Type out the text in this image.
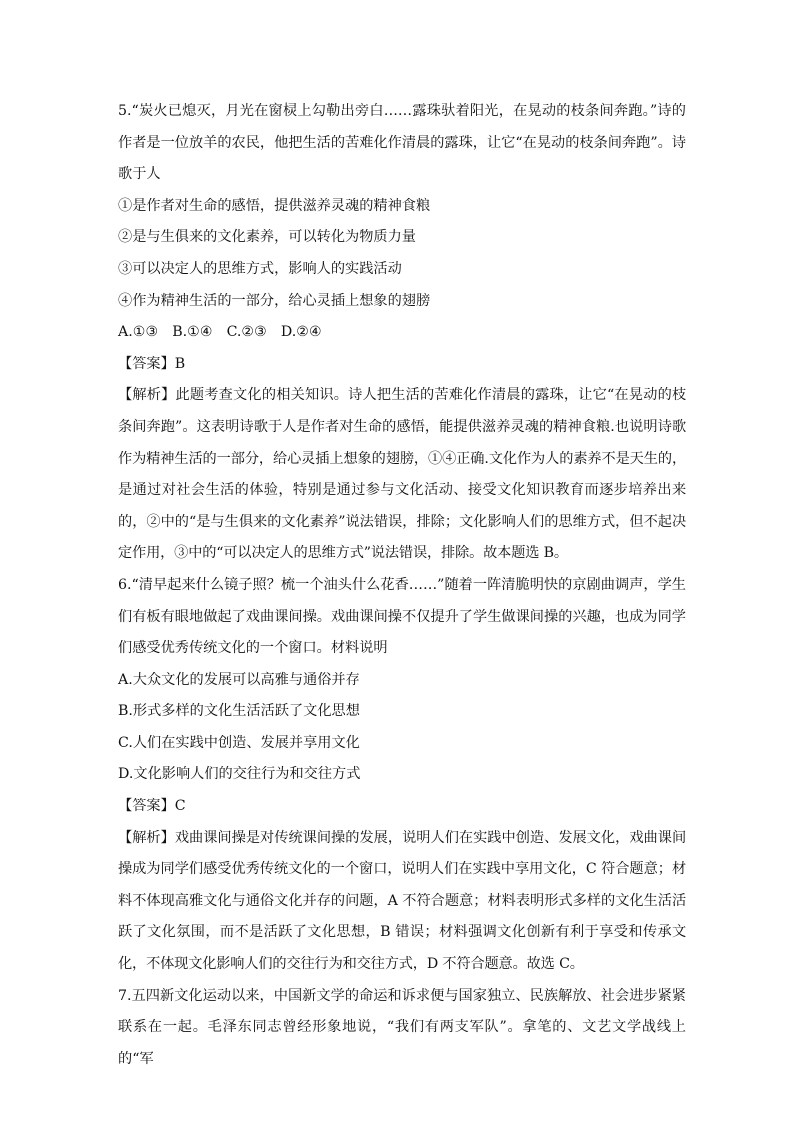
5.“炭火已熄灭，月光在窗棂上勾勒出旁白……露珠驮着阳光，在晃动的枝条间奔跑。”诗的作者是一位放羊的农民，他把生活的苦难化作清晨的露珠，让它“在晃动的枝条间奔跑”。诗歌于人

①是作者对生命的感悟，提供滋养灵魂的精神食粮

②是与生俱来的文化素养，可以转化为物质力量

③可以决定人的思维方式，影响人的实践活动

④作为精神生活的一部分，给心灵插上想象的翅膀

A.①③ B.①④ C.②③ D.②④

【答案】B

【解析】此题考查文化的相关知识。诗人把生活的苦难化作清晨的露珠，让它“在晃动的枝条间奔跑”。这表明诗歌于人是作者对生命的感悟，能提供滋养灵魂的精神食粮.也说明诗歌作为精神生活的一部分，给心灵插上想象的翅膀，①④正确.文化作为人的素养不是天生的，是通过对社会生活的体验，特别是通过参与文化活动、接受文化知识教育而逐步培养出来的，②中的“是与生俱来的文化素养”说法错误，排除；文化影响人们的思维方式，但不起决定作用，③中的“可以决定人的思维方式”说法错误，排除。故本题选 B。

6.“清早起来什么镜子照？梳一个油头什么花香……”随着一阵清脆明快的京剧曲调声，学生们有板有眼地做起了戏曲课间操。戏曲课间操不仅提升了学生做课间操的兴趣，也成为同学们感受优秀传统文化的一个窗口。材料说明

A.大众文化的发展可以高雅与通俗并存

B.形式多样的文化生活活跃了文化思想

C.人们在实践中创造、发展并享用文化

D.文化影响人们的交往行为和交往方式

【答案】C

【解析】戏曲课间操是对传统课间操的发展，说明人们在实践中创造、发展文化，戏曲课间操成为同学们感受优秀传统文化的一个窗口，说明人们在实践中享用文化，C 符合题意；材料不体现高雅文化与通俗文化并存的问题，A 不符合题意；材料表明形式多样的文化生活活跃了文化氛围，而不是活跃了文化思想，B 错误；材料强调文化创新有利于享受和传承文化，不体现文化影响人们的交往行为和交往方式，D 不符合题意。故选 C。

7.五四新文化运动以来，中国新文学的命运和诉求便与国家独立、民族解放、社会进步紧紧联系在一起。毛泽东同志曾经形象地说，“我们有两支军队”。拿笔的、文艺文学战线上的“军
